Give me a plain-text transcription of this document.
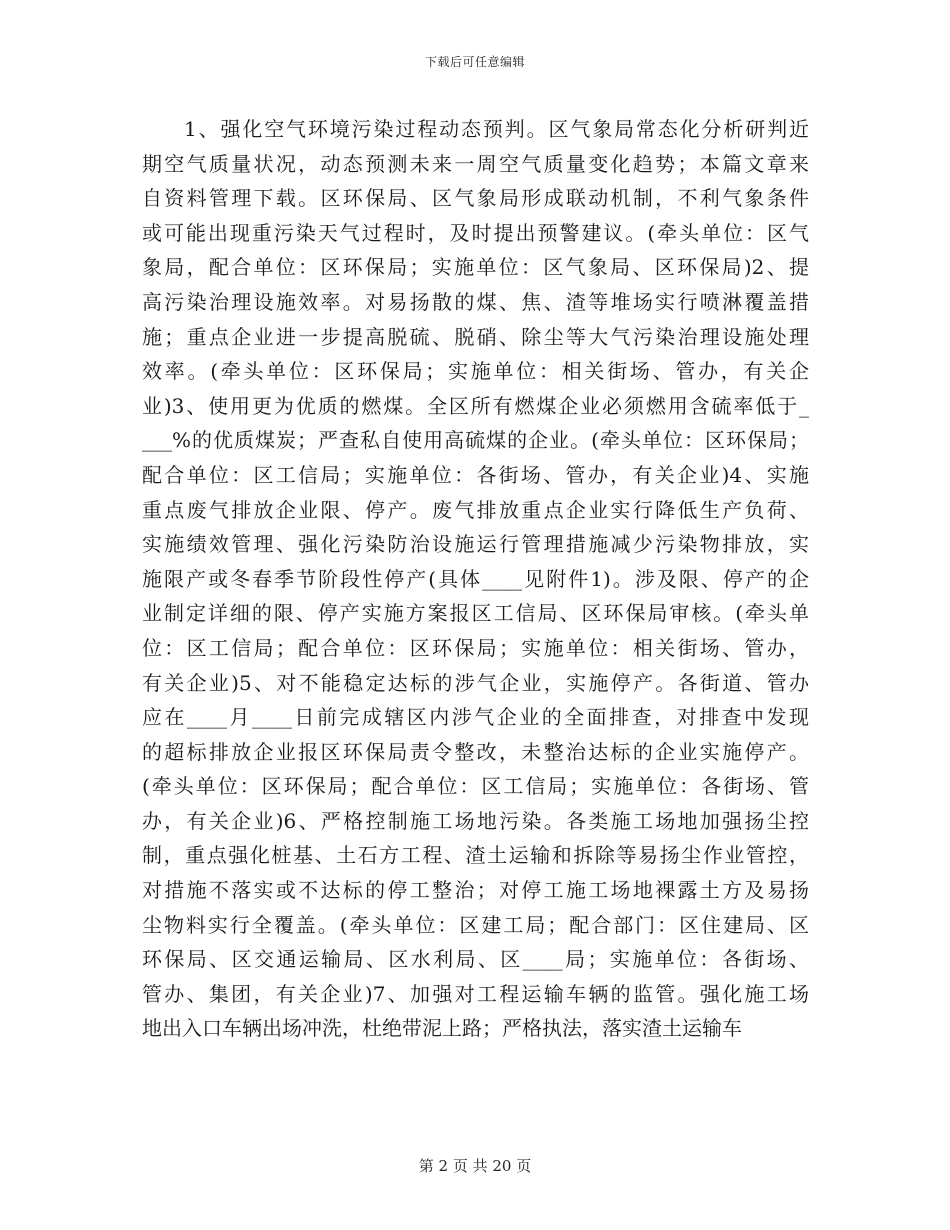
下载后可任意编辑
1、强化空气环境污染过程动态预判。区气象局常态化分析研判近
期空气质量状况，动态预测未来一周空气质量变化趋势；本篇文章来
自资料管理下载。区环保局、区气象局形成联动机制，不利气象条件
或可能出现重污染天气过程时，及时提出预警建议。(牵头单位：区气
象局，配合单位：区环保局；实施单位：区气象局、区环保局)2、提
高污染治理设施效率。对易扬散的煤、焦、渣等堆场实行喷淋覆盖措
施；重点企业进一步提高脱硫、脱硝、除尘等大气污染治理设施处理
效率。(牵头单位：区环保局；实施单位：相关街场、管办，有关企
业)3、使用更为优质的燃煤。全区所有燃煤企业必须燃用含硫率低于_
___%的优质煤炭；严查私自使用高硫煤的企业。(牵头单位：区环保局；
配合单位：区工信局；实施单位：各街场、管办，有关企业)4、实施
重点废气排放企业限、停产。废气排放重点企业实行降低生产负荷、
实施绩效管理、强化污染防治设施运行管理措施减少污染物排放，实
施限产或冬春季节阶段性停产(具体____见附件1)。涉及限、停产的企
业制定详细的限、停产实施方案报区工信局、区环保局审核。(牵头单
位：区工信局；配合单位：区环保局；实施单位：相关街场、管办，
有关企业)5、对不能稳定达标的涉气企业，实施停产。各街道、管办
应在____月____日前完成辖区内涉气企业的全面排查，对排查中发现
的超标排放企业报区环保局责令整改，未整治达标的企业实施停产。
(牵头单位：区环保局；配合单位：区工信局；实施单位：各街场、管
办，有关企业)6、严格控制施工场地污染。各类施工场地加强扬尘控
制，重点强化桩基、土石方工程、渣土运输和拆除等易扬尘作业管控，
对措施不落实或不达标的停工整治；对停工施工场地裸露土方及易扬
尘物料实行全覆盖。(牵头单位：区建工局；配合部门：区住建局、区
环保局、区交通运输局、区水利局、区____局；实施单位：各街场、
管办、集团，有关企业)7、加强对工程运输车辆的监管。强化施工场
地出入口车辆出场冲洗，杜绝带泥上路；严格执法，落实渣土运输车
第 2 页 共 20 页
